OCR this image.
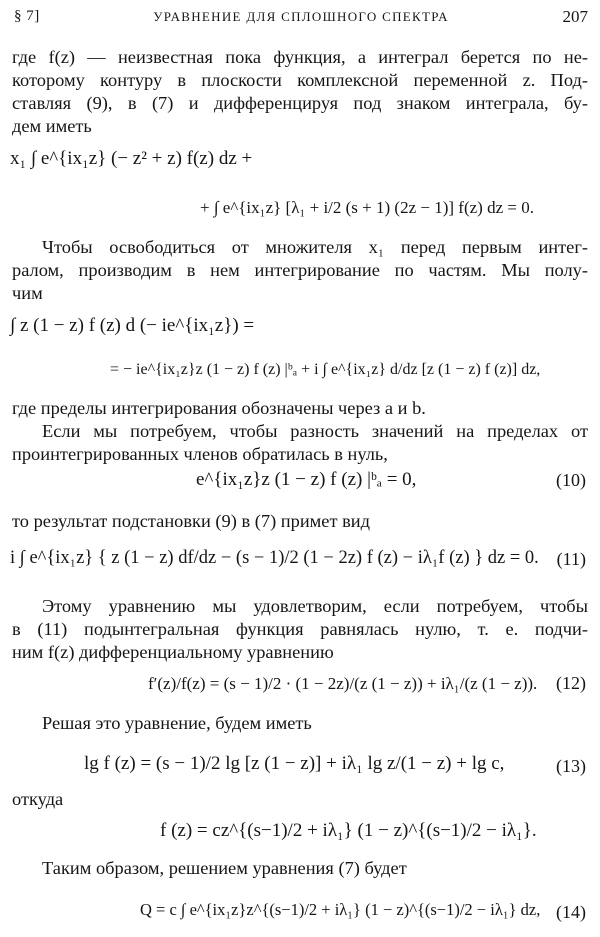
§ 7]	УРАВНЕНИЕ ДЛЯ СПЛОШНОГО СПЕКТРА	207
где f(z) — неизвестная пока функция, а интеграл берется по не-
которому контуру в плоскости комплексной переменной z. Под-
ставляя (9), в (7) и дифференцируя под знаком интеграла, бу-
дем иметь
x₁ ∫ e^{ix₁z} (− z² + z) f(z) dz +
+ ∫ e^{ix₁z} [λ₁ + i/2 (s + 1) (2z − 1)] f(z) dz = 0.
Чтобы освободиться от множителя x₁ перед первым интег-
ралом, производим в нем интегрирование по частям. Мы полу-
чим
∫ z (1 − z) f (z) d (− ie^{ix₁z}) =
= − ie^{ix₁z}z (1 − z) f (z) |ᵇₐ + i ∫ e^{ix₁z} d/dz [z (1 − z) f (z)] dz,
где пределы интегрирования обозначены через a и b.
Если мы потребуем, чтобы разность значений на пределах от
проинтегрированных членов обратилась в нуль,
e^{ix₁z}z (1 − z) f (z) |ᵇₐ = 0,	(10)
то результат подстановки (9) в (7) примет вид
i ∫ e^{ix₁z} { z (1 − z) df/dz − (s − 1)/2 (1 − 2z) f (z) − iλ₁f (z) } dz = 0. (11)
Этому уравнению мы удовлетворим, если потребуем, чтобы
в (11) подынтегральная функция равнялась нулю, т. е. подчи-
ним f(z) дифференциальному уравнению
f′(z)/f(z) = (s − 1)/2 · (1 − 2z)/(z (1 − z)) + iλ₁/(z (1 − z)). (12)
Решая это уравнение, будем иметь
lg f (z) = (s − 1)/2 lg [z (1 − z)] + iλ₁ lg z/(1 − z) + lg c,	(13)
откуда
f (z) = cz^{(s−1)/2 + iλ₁} (1 − z)^{(s−1)/2 − iλ₁}.
Таким образом, решением уравнения (7) будет
Q = c ∫ e^{ix₁z}z^{(s−1)/2 + iλ₁} (1 − z)^{(s−1)/2 − iλ₁} dz, (14)
